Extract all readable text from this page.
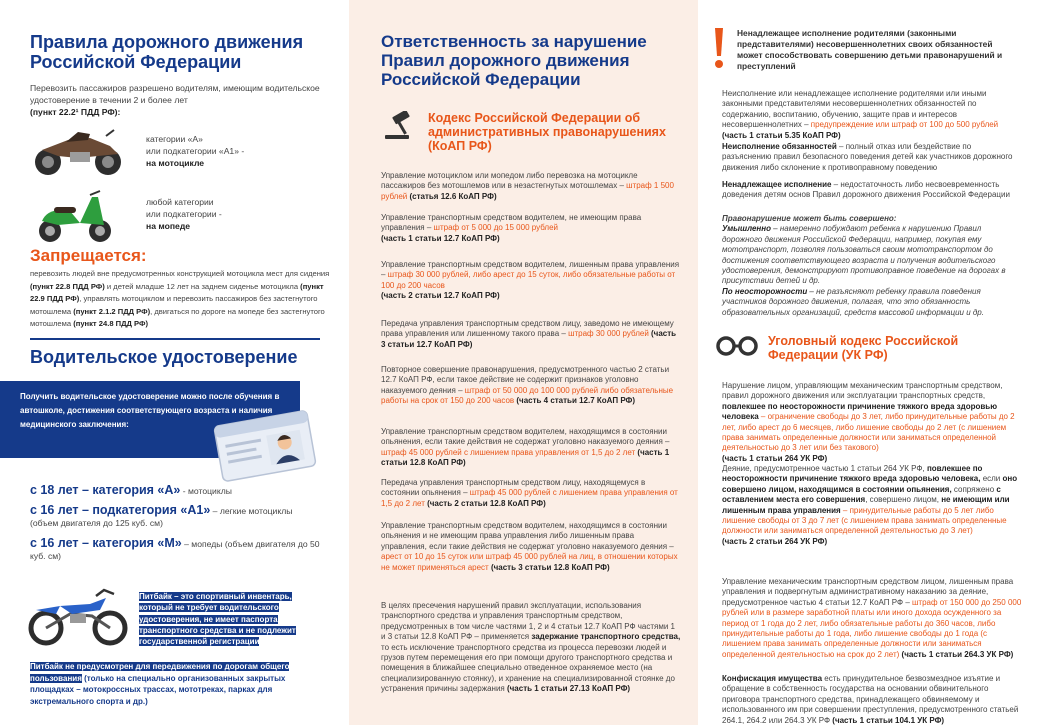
Правила дорожного движения Российской Федерации
Перевозить пассажиров разрешено водителям, имеющим водительское удостоверение в течении 2 и более лет
(пункт 22.2¹ ПДД РФ):
категории «А»
или подкатегории «А1» -
на мотоцикле
любой категории
или подкатегории -
на мопеде
Запрещается:
перевозить людей вне предусмотренных конструкцией мотоцикла мест для сидения (пункт 22.8 ПДД РФ) и детей младше 12 лет на заднем сиденье мотоцикла (пункт 22.9 ПДД РФ), управлять мотоциклом и перевозить пассажиров без застегнутого мотошлема (пункт 2.1.2 ПДД РФ), двигаться по дороге на мопеде без застегнутого мотошлема (пункт 24.8 ПДД РФ)
Водительское удостоверение
Получить водительское удостоверение можно после обучения в автошколе, достижения соответствующего возраста и наличия медицинского заключения:
с 18 лет – категория «А» - мотоциклы
с 16 лет – подкатегория «А1» – легкие мотоциклы
(объем двигателя до 125 куб. см)
с 16 лет – категория «М» – мопеды (объем двигателя до 50 куб. см)
Питбайк – это спортивный инвентарь, который не требует водительского удостоверения, не имеет паспорта транспортного средства и не подлежит государственной регистрации
Питбайк не предусмотрен для передвижения по дорогам общего пользования (только на специально организованных закрытых площадках – мотокроссных трассах, мототреках, парках для экстремального спорта и др.)
Ответственность за нарушение Правил дорожного движения Российской Федерации
Кодекс Российской Федерации об административных правонарушениях (КоАП РФ)
Управление мотоциклом или мопедом либо перевозка на мотоцикле пассажиров без мотошлемов или в незастегнутых мотошлемах – штраф 1 500 рублей (статья 12.6 КоАП РФ)
Управление транспортным средством водителем, не имеющим права управления – штраф от 5 000 до 15 000 рублей
(часть 1 статьи 12.7 КоАП РФ)
Управление транспортным средством водителем, лишенным права управления – штраф 30 000 рублей, либо арест до 15 суток, либо обязательные работы от 100 до 200 часов
(часть 2 статьи 12.7 КоАП РФ)
Передача управления транспортным средством лицу, заведомо не имеющему права управления или лишенному такого права – штраф 30 000 рублей (часть 3 статьи 12.7 КоАП РФ)
Повторное совершение правонарушения, предусмотренного частью 2 статьи 12.7 КоАП РФ, если такое действие не содержит признаков уголовно наказуемого деяния – штраф от 50 000 до 100 000 рублей либо обязательные работы на срок от 150 до 200 часов (часть 4 статьи 12.7 КоАП РФ)
Управление транспортным средством водителем, находящимся в состоянии опьянения, если такие действия не содержат уголовно наказуемого деяния – штраф 45 000 рублей с лишением права управления от 1,5 до 2 лет (часть 1 статьи 12.8 КоАП РФ)
Передача управления транспортным средством лицу, находящемуся в состоянии опьянения – штраф 45 000 рублей с лишением права управления от 1,5 до 2 лет (часть 2 статьи 12.8 КоАП РФ)
Управление транспортным средством водителем, находящимся в состоянии опьянения и не имеющим права управления либо лишенным права управления, если такие действия не содержат уголовно наказуемого деяния – арест от 10 до 15 суток или штраф 45 000 рублей на лиц, в отношении которых не может применяться арест (часть 3 статьи 12.8 КоАП РФ)
В целях пресечения нарушений правил эксплуатации, использования транспортного средства и управления транспортным средством, предусмотренных в том числе частями 1, 2 и 4 статьи 12.7 КоАП РФ частями 1 и 3 статьи 12.8 КоАП РФ – применяется задержание транспортного средства, то есть исключение транспортного средства из процесса перевозки людей и грузов путем перемещения его при помощи другого транспортного средства и помещения в ближайшее специально отведенное охраняемое место (на специализированную стоянку), и хранение на специализированной стоянке до устранения причины задержания (часть 1 статьи 27.13 КоАП РФ)
Ненадлежащее исполнение родителями (законными представителями) несовершеннолетних своих обязанностей может способствовать совершению детьми правонарушений и преступлений
Неисполнение или ненадлежащее исполнение родителями или иными законными представителями несовершеннолетних обязанностей по содержанию, воспитанию, обучению, защите прав и интересов несовершеннолетних – предупреждение или штраф от 100 до 500 рублей (часть 1 статьи 5.35 КоАП РФ)
Неисполнение обязанностей – полный отказ или бездействие по разъяснению правил безопасного поведения детей как участников дорожного движения либо склонение к противоправному поведению
Ненадлежащее исполнение – недостаточность либо несвоевременность доведения детям основ Правил дорожного движения Российской Федерации
Правонарушение может быть совершено:
Умышленно – намеренно побуждают ребенка к нарушению Правил дорожного движения Российской Федерации, например, покупая ему мототранспорт, позволяя пользоваться своим мототранспортом до достижения соответствующего возраста и получения водительского удостоверения, демонстрируют противоправное поведение на дорогах в присутствии детей и др.
По неосторожности – не разъясняют ребенку правила поведения участников дорожного движения, полагая, что это обязанность образовательных организаций, средств массовой информации и др.
Уголовный кодекс Российской Федерации (УК РФ)
Нарушение лицом, управляющим механическим транспортным средством, правил дорожного движения или эксплуатации транспортных средств, повлекшее по неосторожности причинение тяжкого вреда здоровью человека – ограничение свободы до 3 лет, либо принудительные работы до 2 лет, либо арест до 6 месяцев, либо лишение свободы до 2 лет (с лишением права занимать определенные должности или заниматься определенной деятельностью до 3 лет или без такового)
(часть 1 статьи 264 УК РФ)
Деяние, предусмотренное частью 1 статьи 264 УК РФ, повлекшее по неосторожности причинение тяжкого вреда здоровью человека, если оно совершено лицом, находящимся в состоянии опьянения, сопряжено с оставлением места его совершения, совершено лицом, не имеющим или лишенным права управления – принудительные работы до 5 лет либо лишение свободы от 3 до 7 лет (с лишением права занимать определенные должности или заниматься определенной деятельностью до 3 лет)
(часть 2 статьи 264 УК РФ)
Управление механическим транспортным средством лицом, лишенным права управления и подвергнутым административному наказанию за деяние, предусмотренное частью 4 статьи 12.7 КоАП РФ – штраф от 150 000 до 250 000 рублей или в размере заработной платы или иного дохода осужденного за период от 1 года до 2 лет, либо обязательные работы до 360 часов, либо принудительные работы до 1 года, либо лишение свободы до 1 года (с лишением права занимать определенные должности или заниматься определенной деятельностью на срок до 2 лет) (часть 1 статьи 264.3 УК РФ)
Конфискация имущества есть принудительное безвозмездное изъятие и обращение в собственность государства на основании обвинительного приговора транспортного средства, принадлежащего обвиняемому и использованного им при совершении преступления, предусмотренного статьей 264.1, 264.2 или 264.3 УК РФ (часть 1 статьи 104.1 УК РФ)
